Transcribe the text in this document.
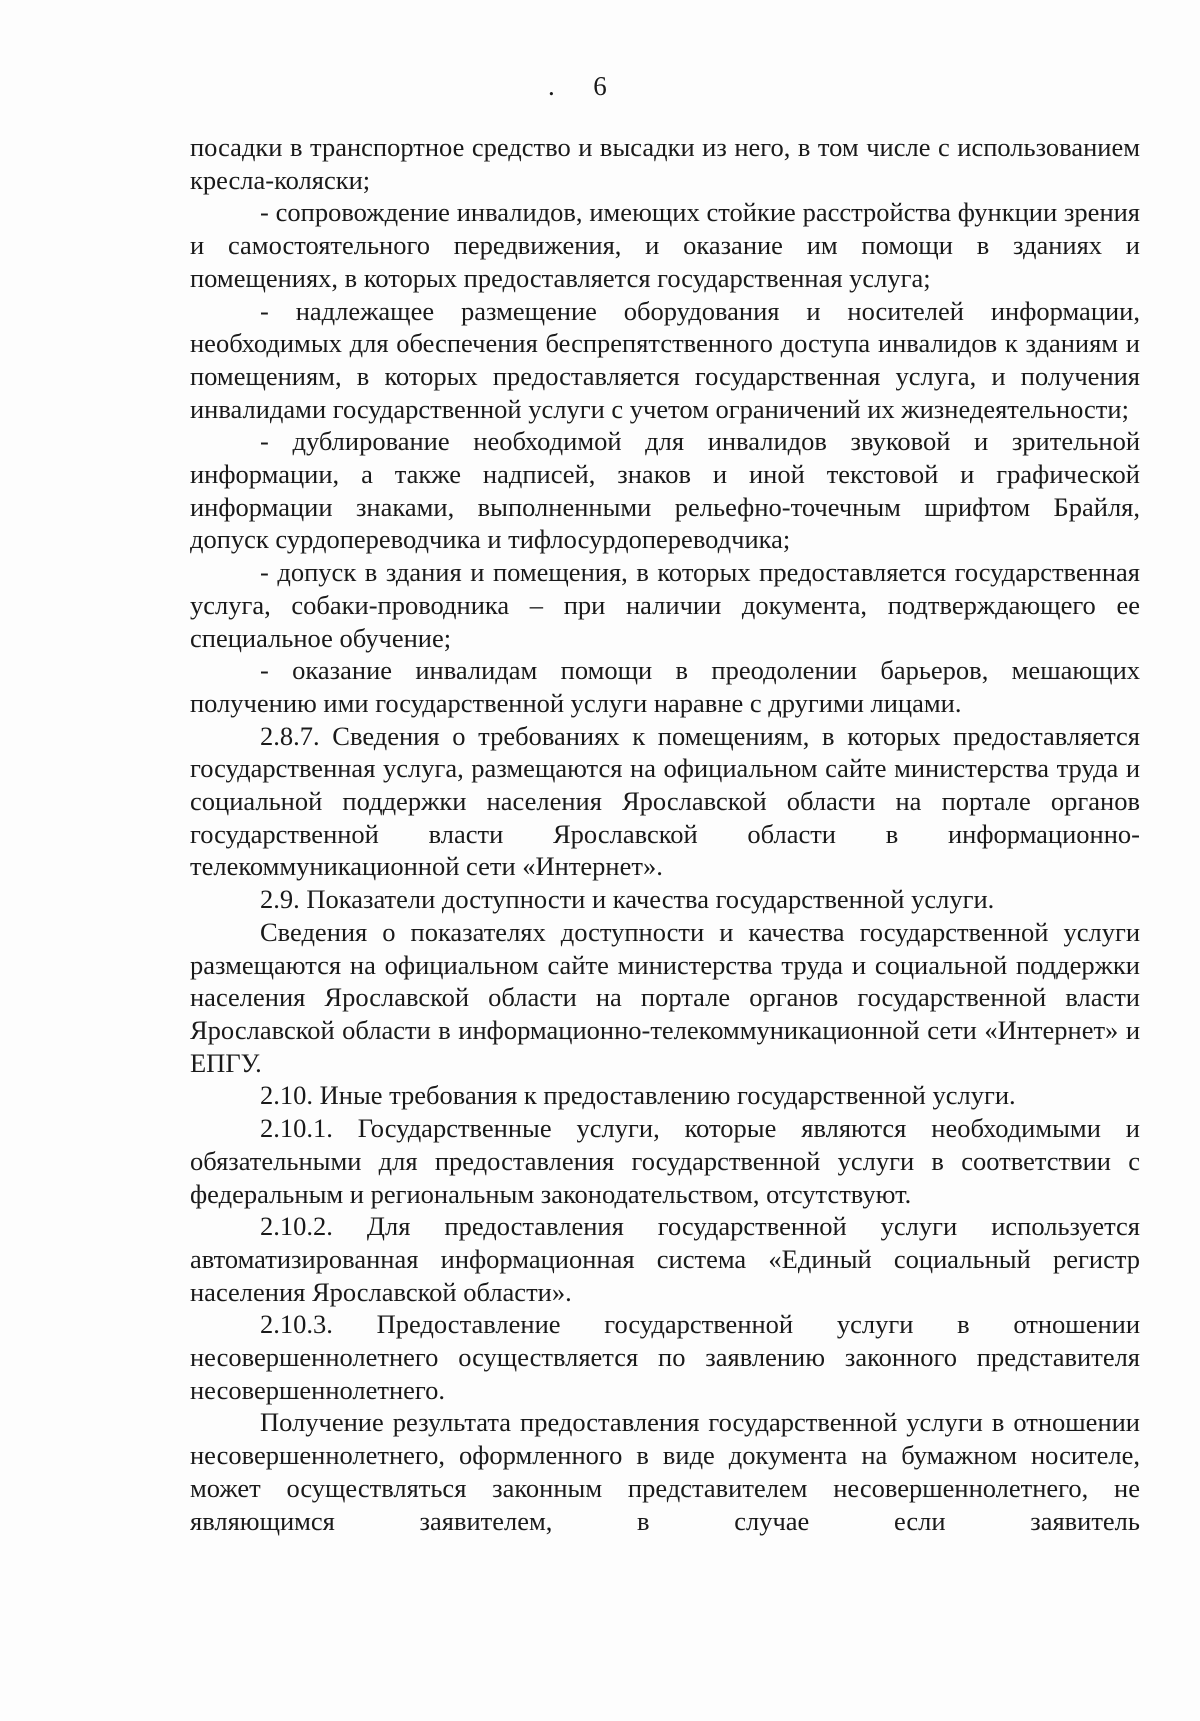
. 6

посадки в транспортное средство и высадки из него, в том числе с использованием кресла-коляски;

- сопровождение инвалидов, имеющих стойкие расстройства функции зрения и самостоятельного передвижения, и оказание им помощи в зданиях и помещениях, в которых предоставляется государственная услуга;

- надлежащее размещение оборудования и носителей информации, необходимых для обеспечения беспрепятственного доступа инвалидов к зданиям и помещениям, в которых предоставляется государственная услуга, и получения инвалидами государственной услуги с учетом ограничений их жизнедеятельности;

- дублирование необходимой для инвалидов звуковой и зрительной информации, а также надписей, знаков и иной текстовой и графической информации знаками, выполненными рельефно-точечным шрифтом Брайля, допуск сурдопереводчика и тифлосурдопереводчика;

- допуск в здания и помещения, в которых предоставляется государственная услуга, собаки-проводника – при наличии документа, подтверждающего ее специальное обучение;

- оказание инвалидам помощи в преодолении барьеров, мешающих получению ими государственной услуги наравне с другими лицами.

2.8.7. Сведения о требованиях к помещениям, в которых предоставляется государственная услуга, размещаются на официальном сайте министерства труда и социальной поддержки населения Ярославской области на портале органов государственной власти Ярославской области в информационно-телекоммуникационной сети «Интернет».

2.9. Показатели доступности и качества государственной услуги.

Сведения о показателях доступности и качества государственной услуги размещаются на официальном сайте министерства труда и социальной поддержки населения Ярославской области на портале органов государственной власти Ярославской области в информационно-телекоммуникационной сети «Интернет» и ЕПГУ.

2.10. Иные требования к предоставлению государственной услуги.

2.10.1. Государственные услуги, которые являются необходимыми и обязательными для предоставления государственной услуги в соответствии с федеральным и региональным законодательством, отсутствуют.

2.10.2. Для предоставления государственной услуги используется автоматизированная информационная система «Единый социальный регистр населения Ярославской области».

2.10.3. Предоставление государственной услуги в отношении несовершеннолетнего осуществляется по заявлению законного представителя несовершеннолетнего.

Получение результата предоставления государственной услуги в отношении несовершеннолетнего, оформленного в виде документа на бумажном носителе, может осуществляться законным представителем несовершеннолетнего, не являющимся заявителем, в случае если заявитель
